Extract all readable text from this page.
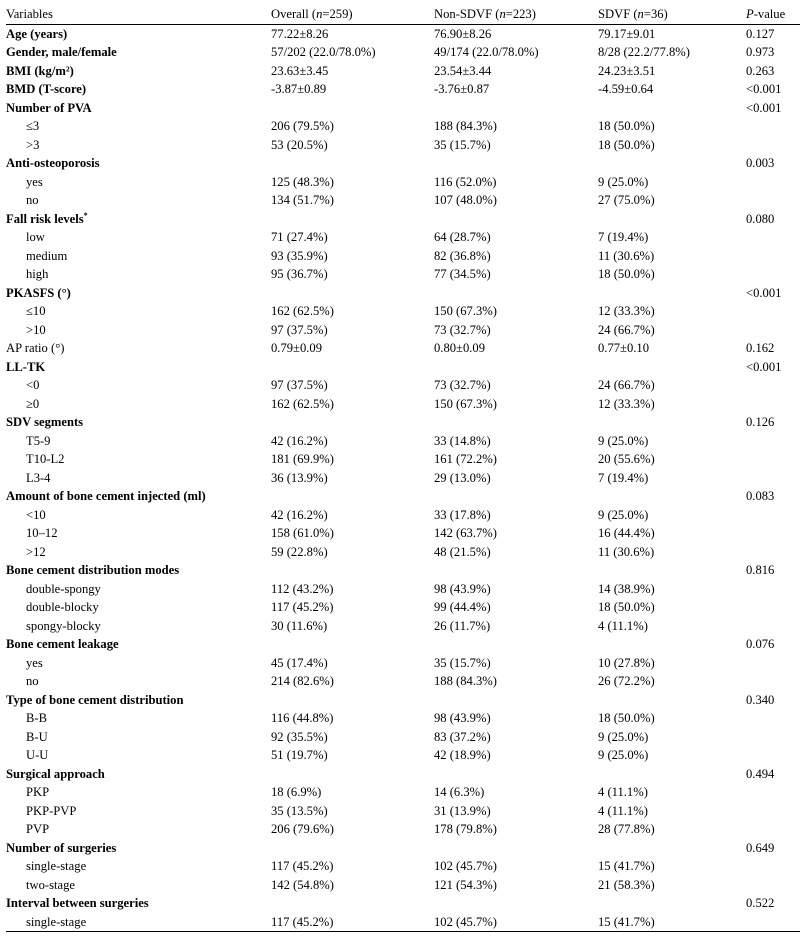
Variables	Overall (n=259)	Non-SDVF (n=223)	SDVF (n=36)	P-value
Age (years)	77.22±8.26	76.90±8.26	79.17±9.01	0.127
Gender, male/female	57/202 (22.0/78.0%)	49/174 (22.0/78.0%)	8/28 (22.2/77.8%)	0.973
BMI (kg/m²)	23.63±3.45	23.54±3.44	24.23±3.51	0.263
BMD (T-score)	-3.87±0.89	-3.76±0.87	-4.59±0.64	<0.001
Number of PVA				<0.001
≤3	206 (79.5%)	188 (84.3%)	18 (50.0%)	
>3	53 (20.5%)	35 (15.7%)	18 (50.0%)	
Anti-osteoporosis				0.003
yes	125 (48.3%)	116 (52.0%)	9 (25.0%)	
no	134 (51.7%)	107 (48.0%)	27 (75.0%)	
Fall risk levels*				0.080
low	71 (27.4%)	64 (28.7%)	7 (19.4%)	
medium	93 (35.9%)	82 (36.8%)	11 (30.6%)	
high	95 (36.7%)	77 (34.5%)	18 (50.0%)	
PKASFS (°)				<0.001
≤10	162 (62.5%)	150 (67.3%)	12 (33.3%)	
>10	97 (37.5%)	73 (32.7%)	24 (66.7%)	
AP ratio (°)	0.79±0.09	0.80±0.09	0.77±0.10	0.162
LL-TK				<0.001
<0	97 (37.5%)	73 (32.7%)	24 (66.7%)	
≥0	162 (62.5%)	150 (67.3%)	12 (33.3%)	
SDV segments				0.126
T5-9	42 (16.2%)	33 (14.8%)	9 (25.0%)	
T10-L2	181 (69.9%)	161 (72.2%)	20 (55.6%)	
L3-4	36 (13.9%)	29 (13.0%)	7 (19.4%)	
Amount of bone cement injected (ml)				0.083
<10	42 (16.2%)	33 (17.8%)	9 (25.0%)	
10–12	158 (61.0%)	142 (63.7%)	16 (44.4%)	
>12	59 (22.8%)	48 (21.5%)	11 (30.6%)	
Bone cement distribution modes				0.816
double-spongy	112 (43.2%)	98 (43.9%)	14 (38.9%)	
double-blocky	117 (45.2%)	99 (44.4%)	18 (50.0%)	
spongy-blocky	30 (11.6%)	26 (11.7%)	4 (11.1%)	
Bone cement leakage				0.076
yes	45 (17.4%)	35 (15.7%)	10 (27.8%)	
no	214 (82.6%)	188 (84.3%)	26 (72.2%)	
Type of bone cement distribution				0.340
B-B	116 (44.8%)	98 (43.9%)	18 (50.0%)	
B-U	92 (35.5%)	83 (37.2%)	9 (25.0%)	
U-U	51 (19.7%)	42 (18.9%)	9 (25.0%)	
Surgical approach				0.494
PKP	18 (6.9%)	14 (6.3%)	4 (11.1%)	
PKP-PVP	35 (13.5%)	31 (13.9%)	4 (11.1%)	
PVP	206 (79.6%)	178 (79.8%)	28 (77.8%)	
Number of surgeries				0.649
single-stage	117 (45.2%)	102 (45.7%)	15 (41.7%)	
two-stage	142 (54.8%)	121 (54.3%)	21 (58.3%)	
Interval between surgeries				0.522
single-stage	117 (45.2%)	102 (45.7%)	15 (41.7%)	
